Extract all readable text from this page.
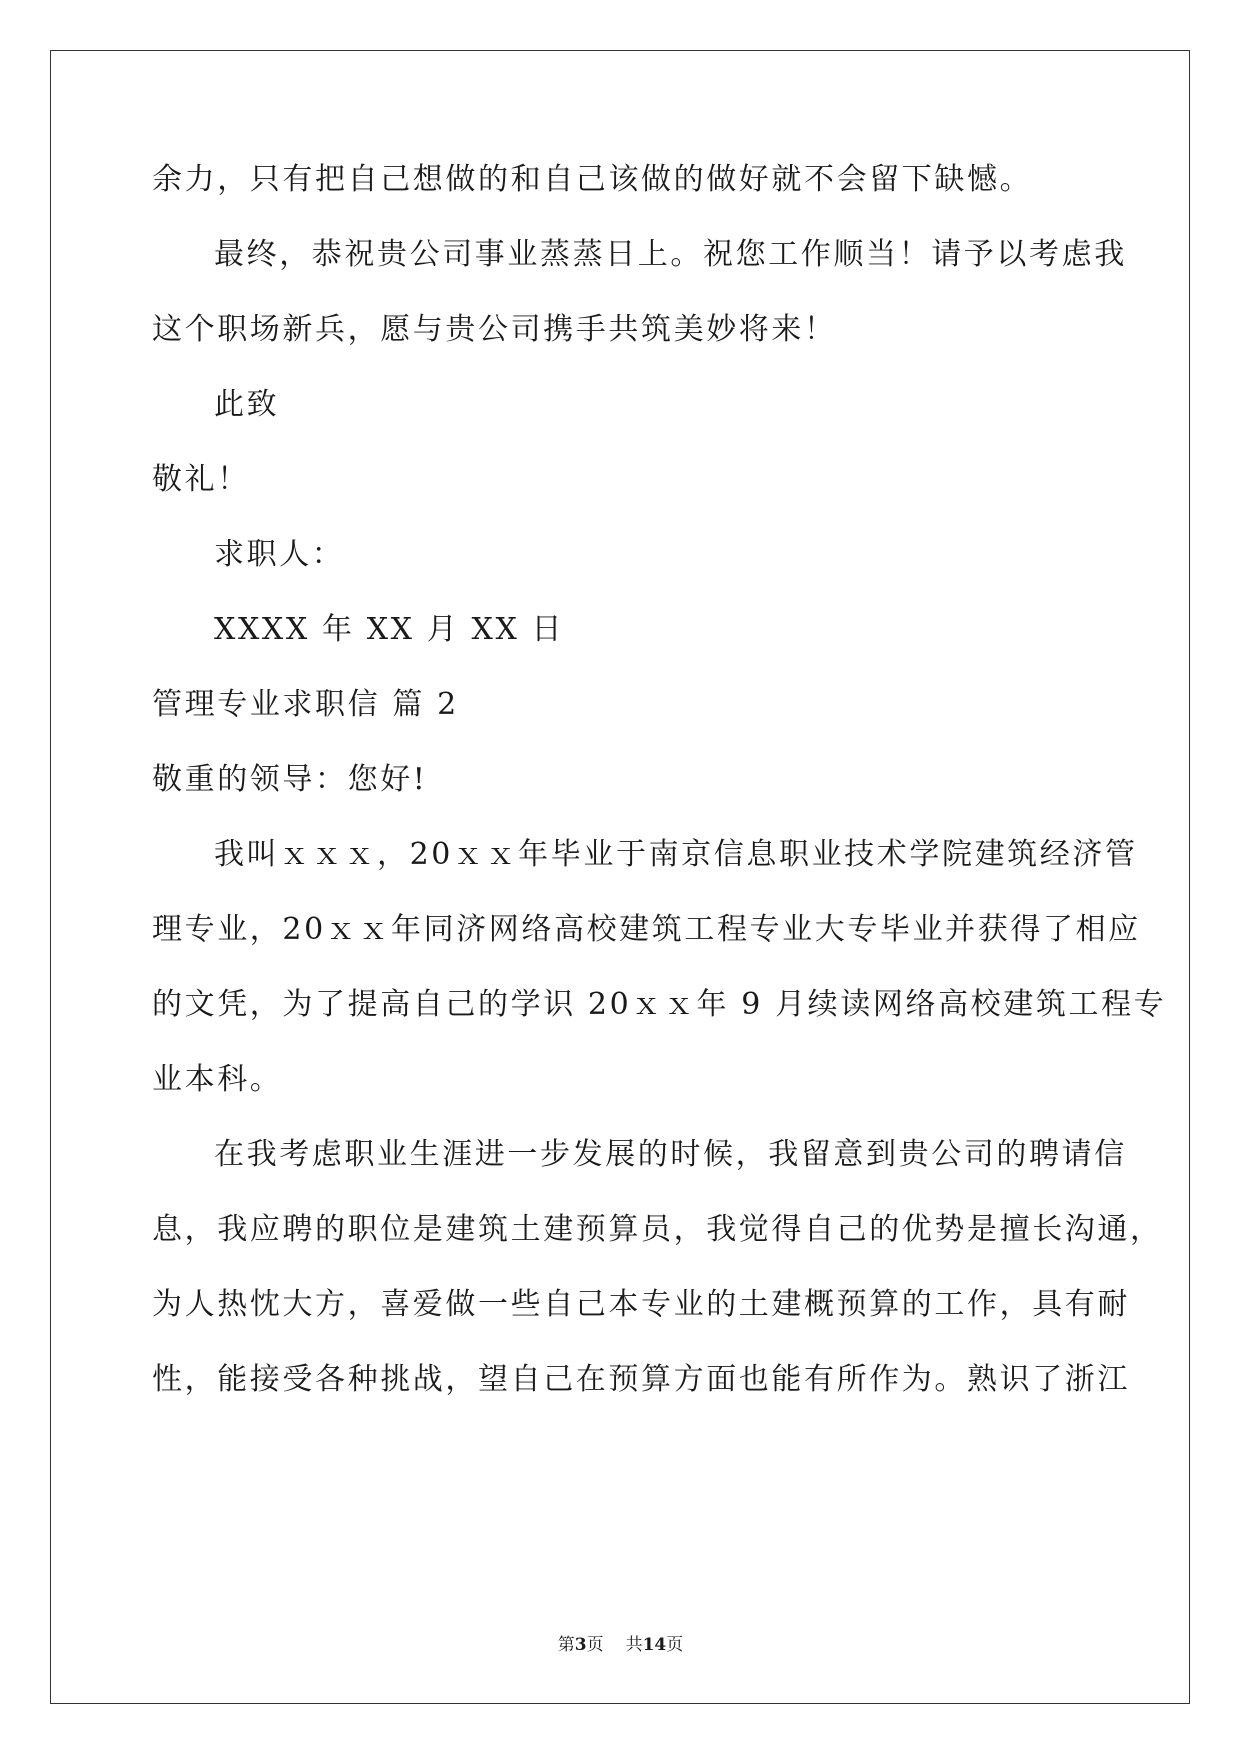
余力，只有把自己想做的和自己该做的做好就不会留下缺憾。
最终，恭祝贵公司事业蒸蒸日上。祝您工作顺当！请予以考虑我
这个职场新兵，愿与贵公司携手共筑美妙将来！
此致
敬礼！
求职人：
XXXX 年 XX 月 XX 日
管理专业求职信 篇 2
敬重的领导：您好!
我叫ｘｘｘ，20ｘｘ年毕业于南京信息职业技术学院建筑经济管
理专业，20ｘｘ年同济网络高校建筑工程专业大专毕业并获得了相应
的文凭，为了提高自己的学识 20ｘｘ年 9 月续读网络高校建筑工程专
业本科。
在我考虑职业生涯进一步发展的时候，我留意到贵公司的聘请信
息，我应聘的职位是建筑土建预算员，我觉得自己的优势是擅长沟通，
为人热忱大方，喜爱做一些自己本专业的土建概预算的工作，具有耐
性，能接受各种挑战，望自己在预算方面也能有所作为。熟识了浙江
第3页 共14页
